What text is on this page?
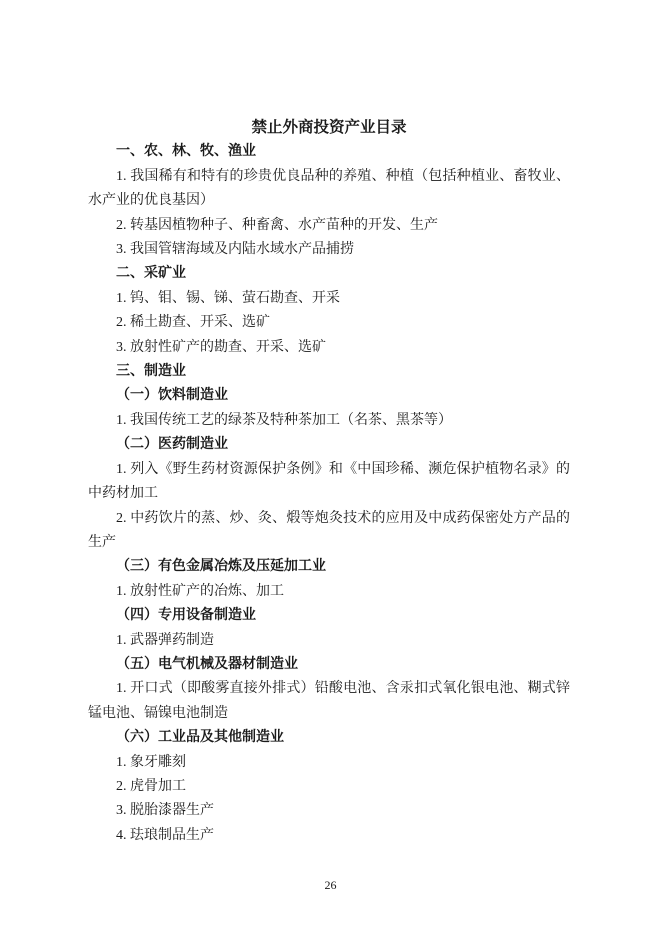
禁止外商投资产业目录

一、农、林、牧、渔业

1. 我国稀有和特有的珍贵优良品种的养殖、种植（包括种植业、畜牧业、水产业的优良基因）

2. 转基因植物种子、种畜禽、水产苗种的开发、生产

3. 我国管辖海域及内陆水域水产品捕捞

二、采矿业

1. 钨、钼、锡、锑、萤石勘查、开采

2. 稀土勘查、开采、选矿

3. 放射性矿产的勘查、开采、选矿

三、制造业

（一）饮料制造业

1. 我国传统工艺的绿茶及特种茶加工（名茶、黑茶等）

（二）医药制造业

1. 列入《野生药材资源保护条例》和《中国珍稀、濒危保护植物名录》的中药材加工

2. 中药饮片的蒸、炒、灸、煅等炮灸技术的应用及中成药保密处方产品的生产

（三）有色金属冶炼及压延加工业

1. 放射性矿产的冶炼、加工

（四）专用设备制造业

1. 武器弹药制造

（五）电气机械及器材制造业

1. 开口式（即酸雾直接外排式）铅酸电池、含汞扣式氧化银电池、糊式锌锰电池、镉镍电池制造

（六）工业品及其他制造业

1. 象牙雕刻

2. 虎骨加工

3. 脱胎漆器生产

4. 珐琅制品生产

26
